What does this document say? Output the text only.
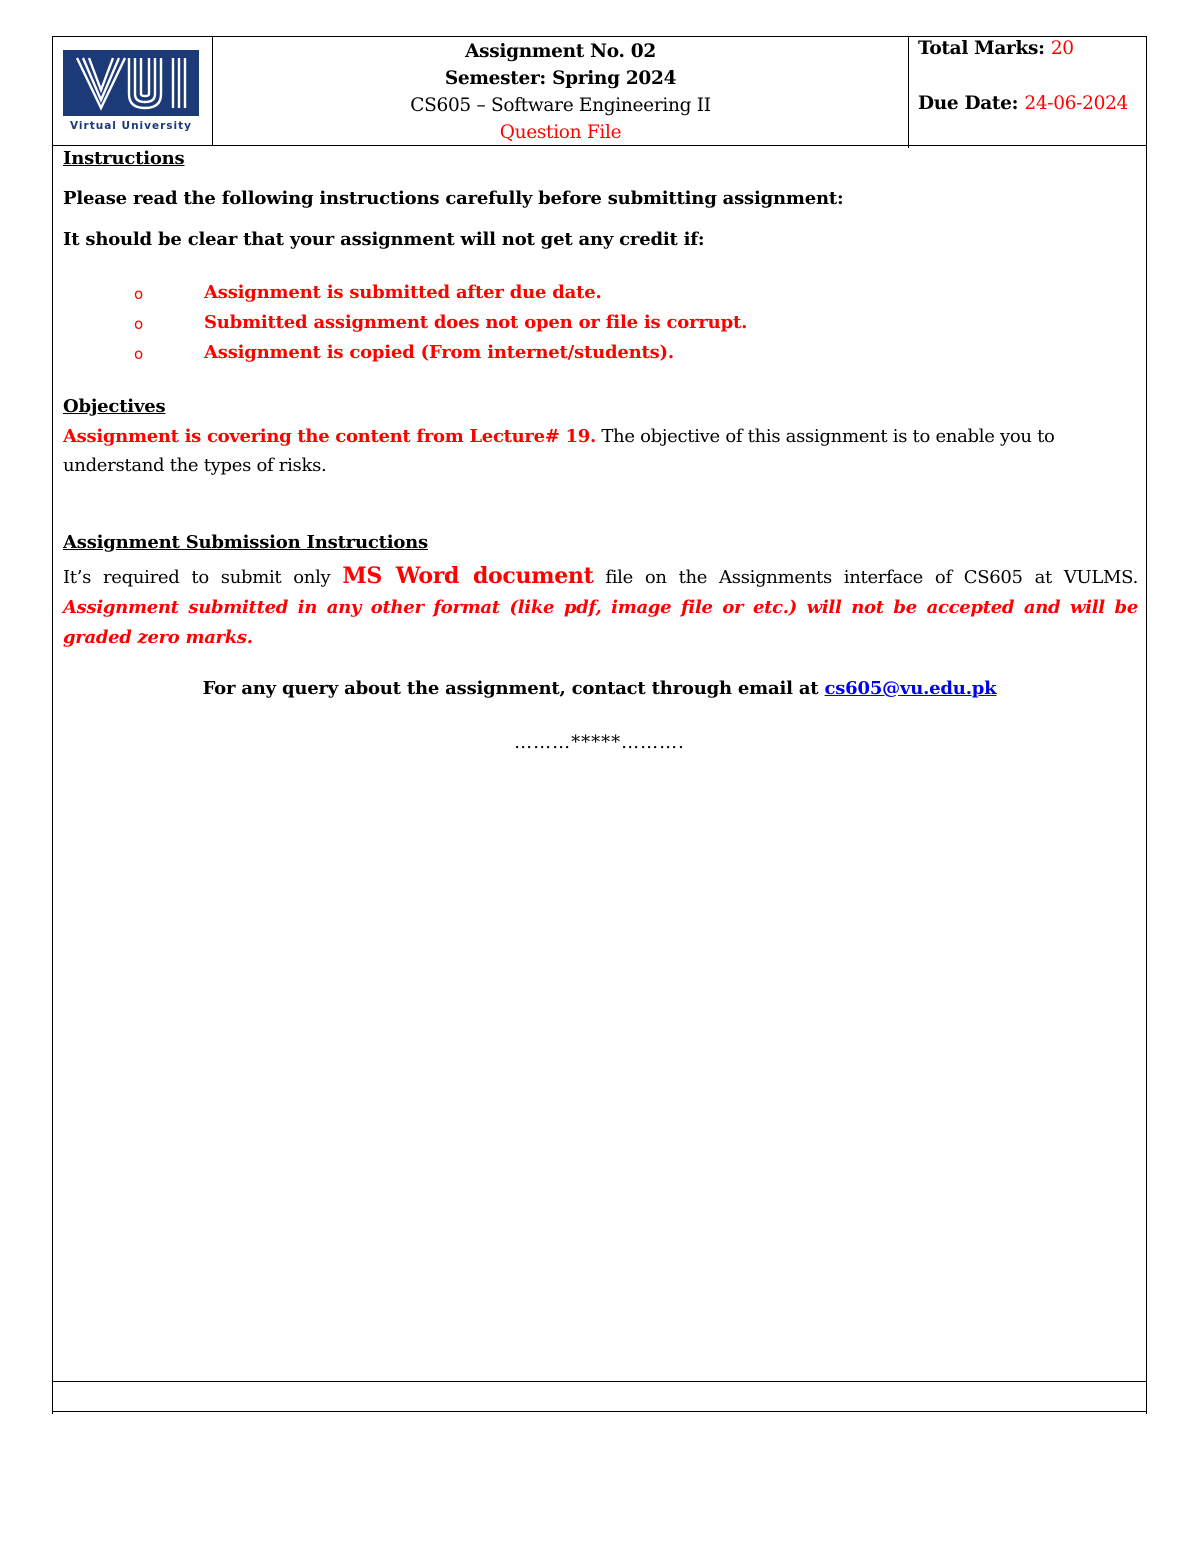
Virtual University
Assignment No. 02
Semester: Spring 2024
CS605 – Software Engineering II
Question File
Total Marks: 20
Due Date: 24-06-2024
Instructions
Please read the following instructions carefully before submitting assignment:
It should be clear that your assignment will not get any credit if:
o	Assignment is submitted after due date.
o	Submitted assignment does not open or file is corrupt.
o	Assignment is copied (From internet/students).
Objectives
Assignment is covering the content from Lecture# 19. The objective of this assignment is to enable you to understand the types of risks.
Assignment Submission Instructions
It’s required to submit only MS Word document file on the Assignments interface of CS605 at VULMS. Assignment submitted in any other format (like pdf, image file or etc.) will not be accepted and will be graded zero marks.
For any query about the assignment, contact through email at cs605@vu.edu.pk
………*****……….
